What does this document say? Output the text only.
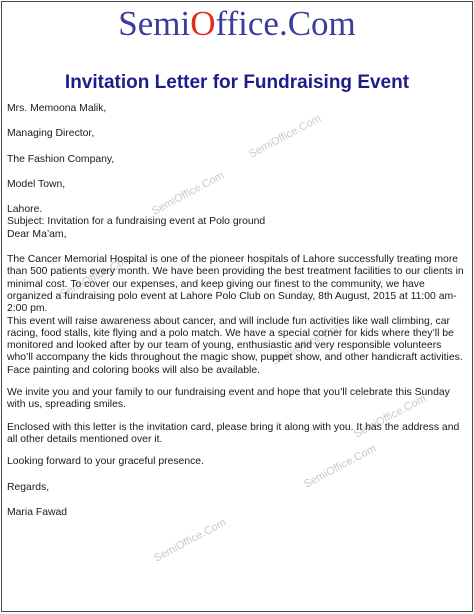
SemiOffice.Com
SemiOffice.Com
SemiOffice.Com
SemiOffice.Com
SemiOffice.Com
SemiOffice.Com
SemiOffice.Com
SemiOffice.Com
Invitation Letter for Fundraising Event

Mrs. Memoona Malik,

Managing Director,

The Fashion Company,

Model Town,

Lahore.

Subject: Invitation for a fundraising event at Polo ground

Dear Ma’am,

The Cancer Memorial Hospital is one of the pioneer hospitals of Lahore successfully treating more than 500 patients every month. We have been providing the best treatment facilities to our clients in minimal cost. To cover our expenses, and keep giving our finest to the community, we have organized a fundraising polo event at Lahore Polo Club on Sunday, 8th August, 2015 at 11:00 am-2:00 pm.

This event will raise awareness about cancer, and will include fun activities like wall climbing, car racing, food stalls, kite flying and a polo match. We have a special corner for kids where they’ll be monitored and looked after by our team of young, enthusiastic and very responsible volunteers who’ll accompany the kids throughout the magic show, puppet show, and other handicraft activities. Face painting and coloring books will also be available.

We invite you and your family to our fundraising event and hope that you’ll celebrate this Sunday with us, spreading smiles.

Enclosed with this letter is the invitation card, please bring it along with you. It has the address and all other details mentioned over it.

Looking forward to your graceful presence.

Regards,

Maria Fawad
